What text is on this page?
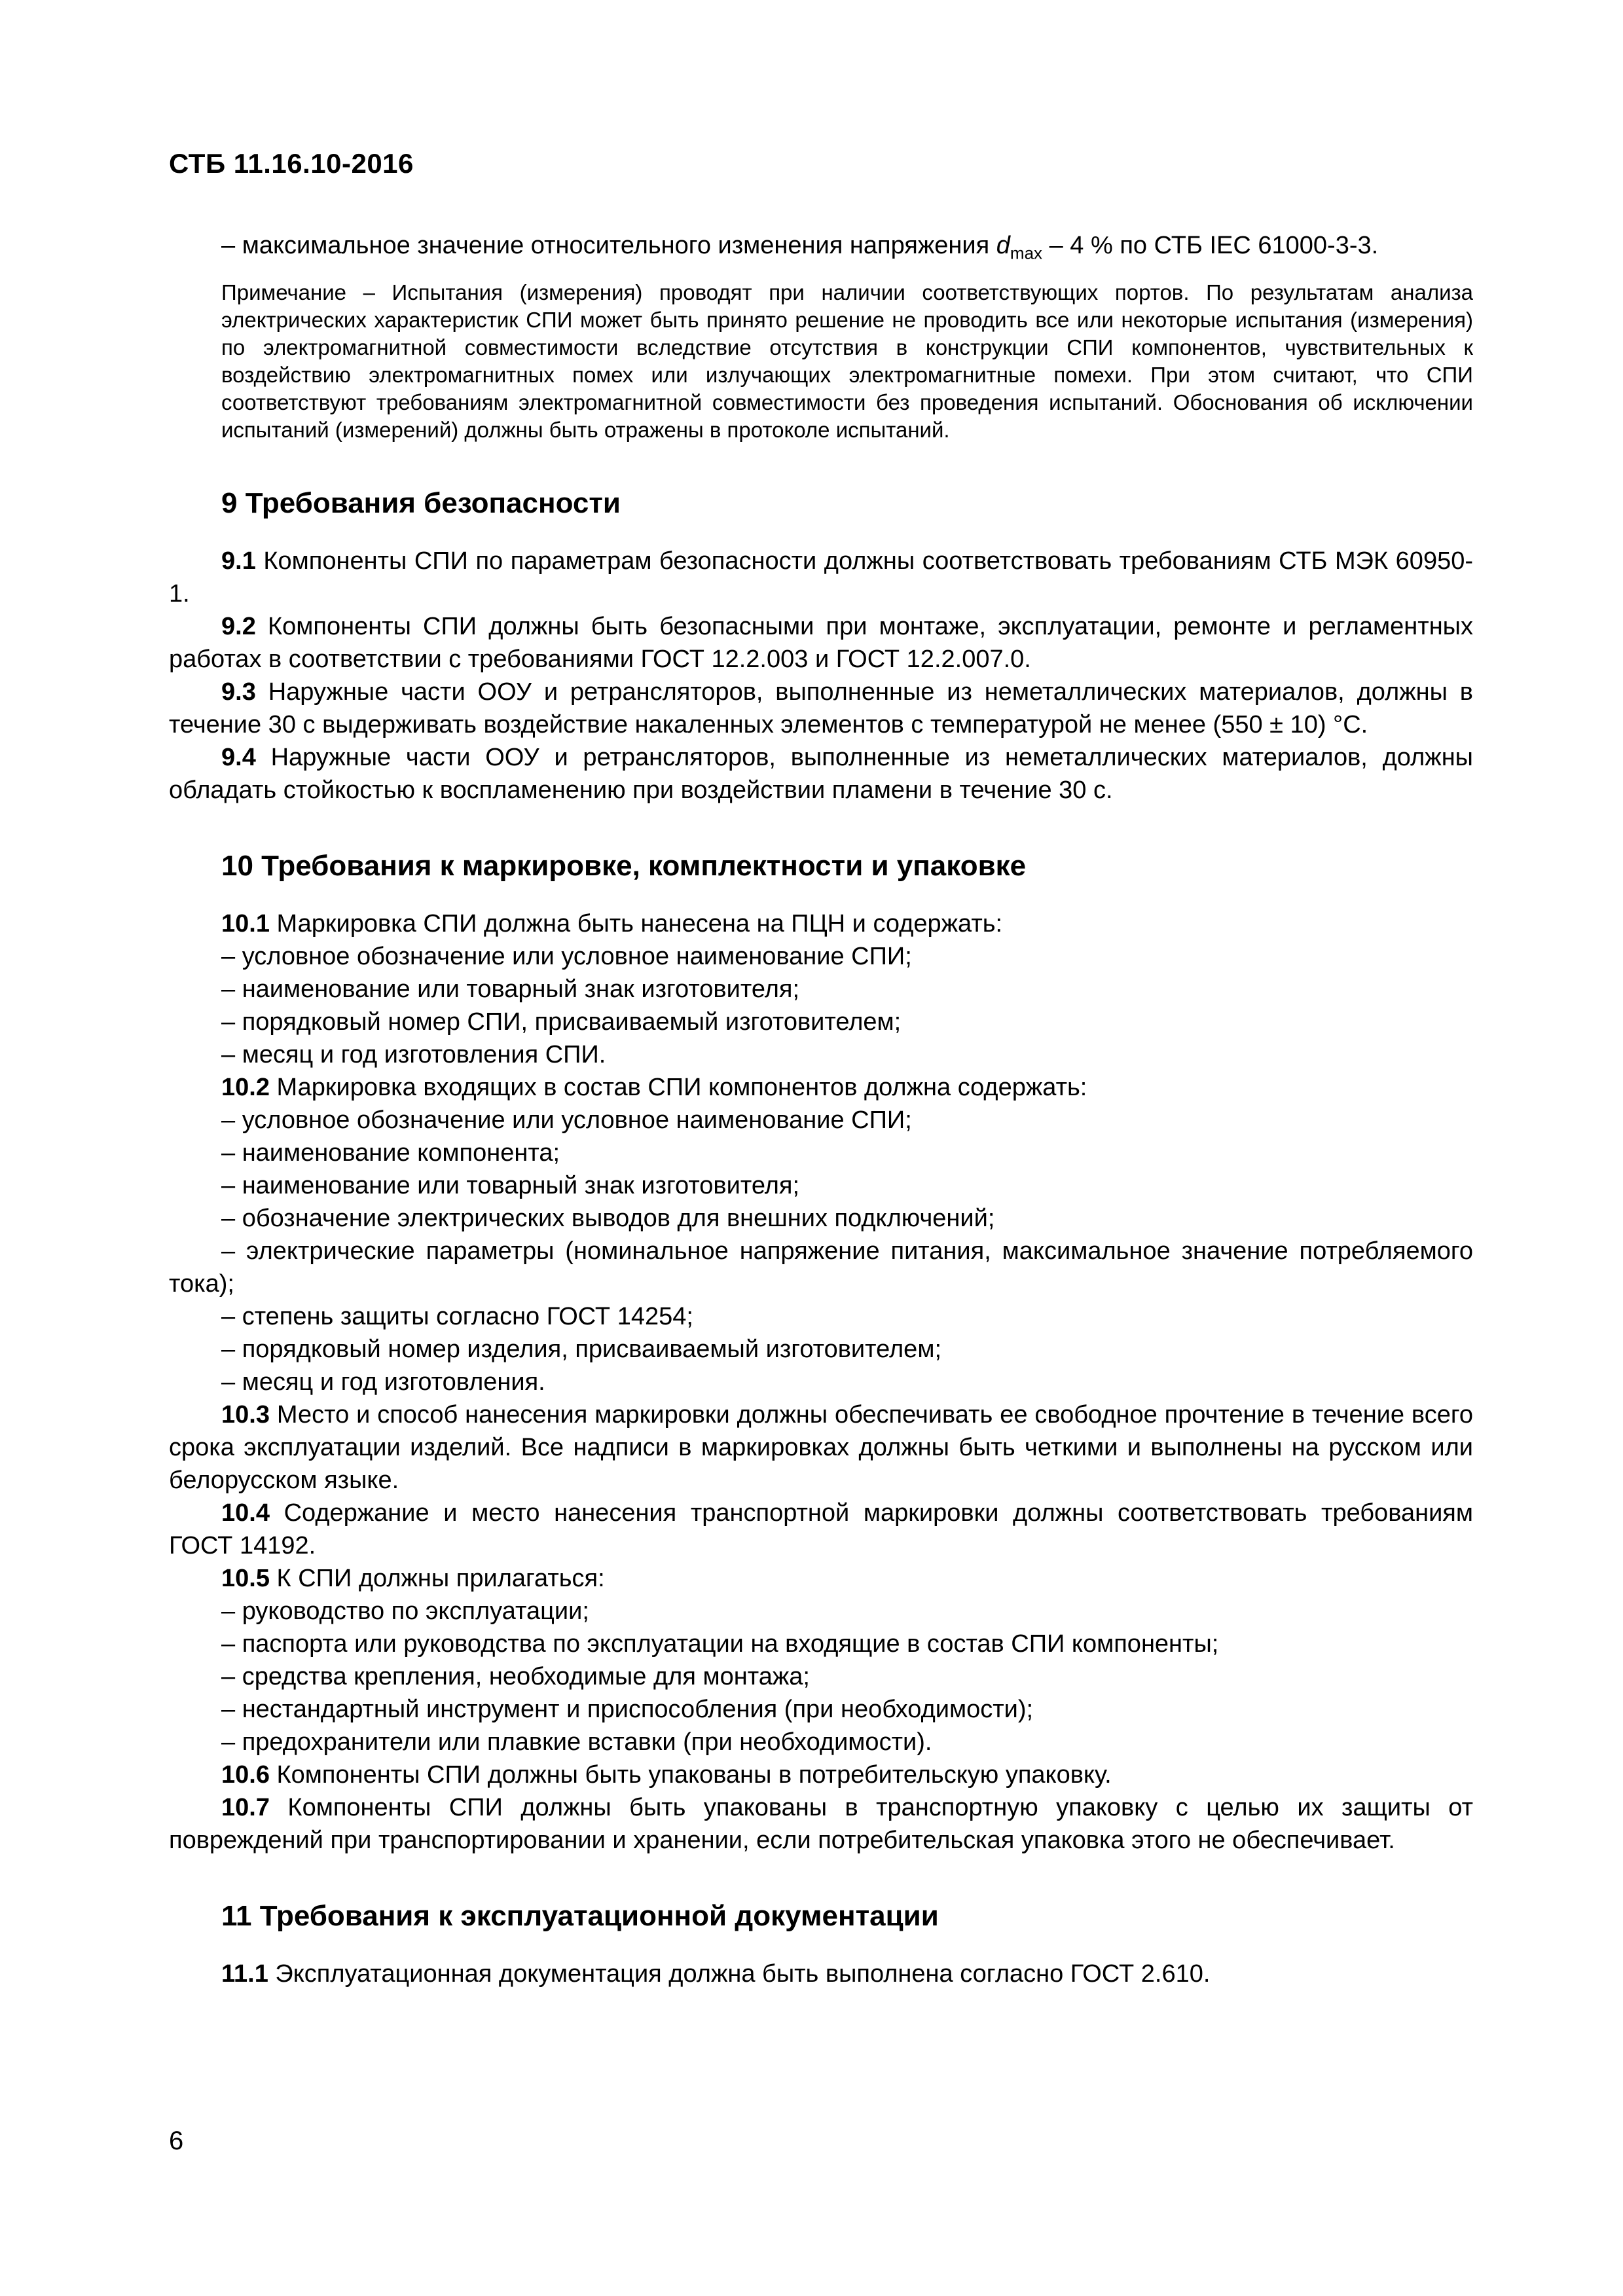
СТБ 11.16.10-2016

– максимальное значение относительного изменения напряжения $d_{max} - 4$ % по СТБ IEC 61000-3-3.

Примечание – Испытания (измерения) проводят при наличии соответствующих портов. По результатам анализа электрических характеристик СПИ может быть принято решение не проводить все или некоторые испытания (измерения) по электромагнитной совместимости вследствие отсутствия в конструкции СПИ компонентов, чувствительных к воздействию электромагнитных помех или излучающих электромагнитные помехи. При этом считают, что СПИ соответствуют требованиям электромагнитной совместимости без проведения испытаний. Обоснования об исключении испытаний (измерений) должны быть отражены в протоколе испытаний.
9 Требования безопасности

9.1 Компоненты СПИ по параметрам безопасности должны соответствовать требованиям СТБ МЭК 60950-1.

9.2 Компоненты СПИ должны быть безопасными при монтаже, эксплуатации, ремонте и регламентных работах в соответствии с требованиями ГОСТ 12.2.003 и ГОСТ 12.2.007.0.

9.3 Наружные части ООУ и ретрансляторов, выполненные из неметаллических материалов, должны в течение 30 с выдерживать воздействие накаленных элементов с температурой не менее (550 ± 10) °C.

9.4 Наружные части ООУ и ретрансляторов, выполненные из неметаллических материалов, должны обладать стойкостью к воспламенению при воздействии пламени в течение 30 с.

10 Требования к маркировке, комплектности и упаковке

10.1 Маркировка СПИ должна быть нанесена на ПЦН и содержать:

– условное обозначение или условное наименование СПИ;

– наименование или товарный знак изготовителя;

– порядковый номер СПИ, присваиваемый изготовителем;

– месяц и год изготовления СПИ.

10.2 Маркировка входящих в состав СПИ компонентов должна содержать:

– условное обозначение или условное наименование СПИ;

– наименование компонента;

– наименование или товарный знак изготовителя;

– обозначение электрических выводов для внешних подключений;

– электрические параметры (номинальное напряжение питания, максимальное значение потребляемого тока);

– степень защиты согласно ГОСТ 14254;

– порядковый номер изделия, присваиваемый изготовителем;

– месяц и год изготовления.

10.3 Место и способ нанесения маркировки должны обеспечивать ее свободное прочтение в течение всего срока эксплуатации изделий. Все надписи в маркировках должны быть четкими и выполнены на русском или белорусском языке.

10.4 Содержание и место нанесения транспортной маркировки должны соответствовать требованиям ГОСТ 14192.

10.5 К СПИ должны прилагаться:

– руководство по эксплуатации;

– паспорта или руководства по эксплуатации на входящие в состав СПИ компоненты;

– средства крепления, необходимые для монтажа;

– нестандартный инструмент и приспособления (при необходимости);

– предохранители или плавкие вставки (при необходимости).

10.6 Компоненты СПИ должны быть упакованы в потребительскую упаковку.

10.7 Компоненты СПИ должны быть упакованы в транспортную упаковку с целью их защиты от повреждений при транспортировании и хранении, если потребительская упаковка этого не обеспечивает.

11 Требования к эксплуатационной документации

11.1 Эксплуатационная документация должна быть выполнена согласно ГОСТ 2.610.

6
